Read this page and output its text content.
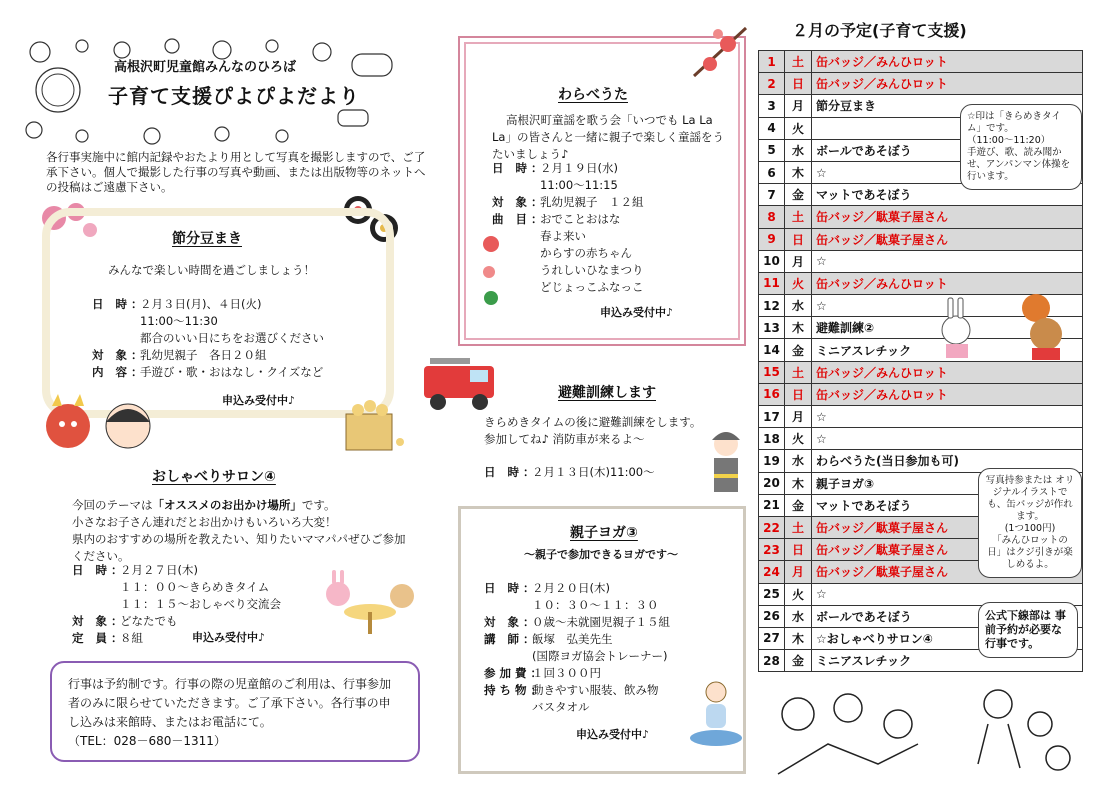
高根沢町児童館みんなのひろば
子育て支援ぴよぴよだより
各行事実施中に館内記録やおたより用として写真を撮影しますので、ご了承下さい。個人で撮影した行事の写真や動画、または出版物等のネットへの投稿はご遠慮下さい。
節分豆まき
みんなで楽しい時間を過ごしましょう！
日 時：２月３日(月)、４日(火)
11:00～11:30
都合のいい日にちをお選びください
対 象：乳幼児親子　各日２０組
内 容：手遊び・歌・おはなし・クイズなど
申込み受付中♪
おしゃべりサロン④
今回のテーマは「オススメのお出かけ場所」です。
小さなお子さん連れだとお出かけもいろいろ大変！
県内のおすすめの場所を教えたい、知りたいママパパぜひご参加ください。
日 時：２月２７日(木)
１１：００～きらめきタイム
１１：１５～おしゃべり交流会
対 象：どなたでも
定 員：８組	申込み受付中♪
行事は予約制です。行事の際の児童館のご利用は、行事参加者のみに限らせていただきます。ご了承下さい。各行事の申し込みは来館時、またはお電話にて。
（TEL：028－680－1311）
わらべうた
高根沢町童謡を歌う会「いつでも La La La」の皆さんと一緒に親子で楽しく童謡をうたいましょう♪
日 時：２月１９日(水)
11:00～11:15
対 象：乳幼児親子　１２組
曲 目：おでことおはな
春よ来い
からすの赤ちゃん
うれしいひなまつり
どじょっこふなっこ
申込み受付中♪
避難訓練します
きらめきタイムの後に避難訓練をします。
参加してね♪ 消防車が来るよ～
日 時：２月１３日(木)11:00～
親子ヨガ③
～親子で参加できるヨガです～
日 時：２月２０日(木)
１０：３０～１１：３０
対 象：０歳～未就園児親子１５組
講 師：飯塚　弘美先生
(国際ヨガ協会トレーナー)
参加費：１回３００円
持ち物：動きやすい服装、飲み物
バスタオル
申込み受付中♪
２月の予定(子育て支援)
1	土	缶バッジ／みんひロット
2	日	缶バッジ／みんひロット
3	月	節分豆まき
4	火	
5	水	ボールであそぼう
6	木	☆
7	金	マットであそぼう
8	土	缶バッジ／駄菓子屋さん
9	日	缶バッジ／駄菓子屋さん
10	月	☆
11	火	缶バッジ／みんひロット
12	水	☆
13	木	避難訓練②
14	金	ミニアスレチック
15	土	缶バッジ／みんひロット
16	日	缶バッジ／みんひロット
17	月	☆
18	火	☆
19	水	わらべうた(当日参加も可)
20	木	親子ヨガ③
21	金	マットであそぼう
22	土	缶バッジ／駄菓子屋さん
23	日	缶バッジ／駄菓子屋さん
24	月	缶バッジ／駄菓子屋さん
25	火	☆
26	水	ボールであそぼう
27	木	☆おしゃべりサロン④
28	金	ミニアスレチック
☆印は「きらめきタイム」です。
（11:00～11:20）
手遊び、歌、読み聞かせ、アンパンマン体操を行います。
写真持参または オリジナルイラストでも、缶バッジが作れます。
(1つ100円)
「みんひロットの日」はクジ引きが楽しめるよ。
公式下線部は 事前予約が必要な行事です。
